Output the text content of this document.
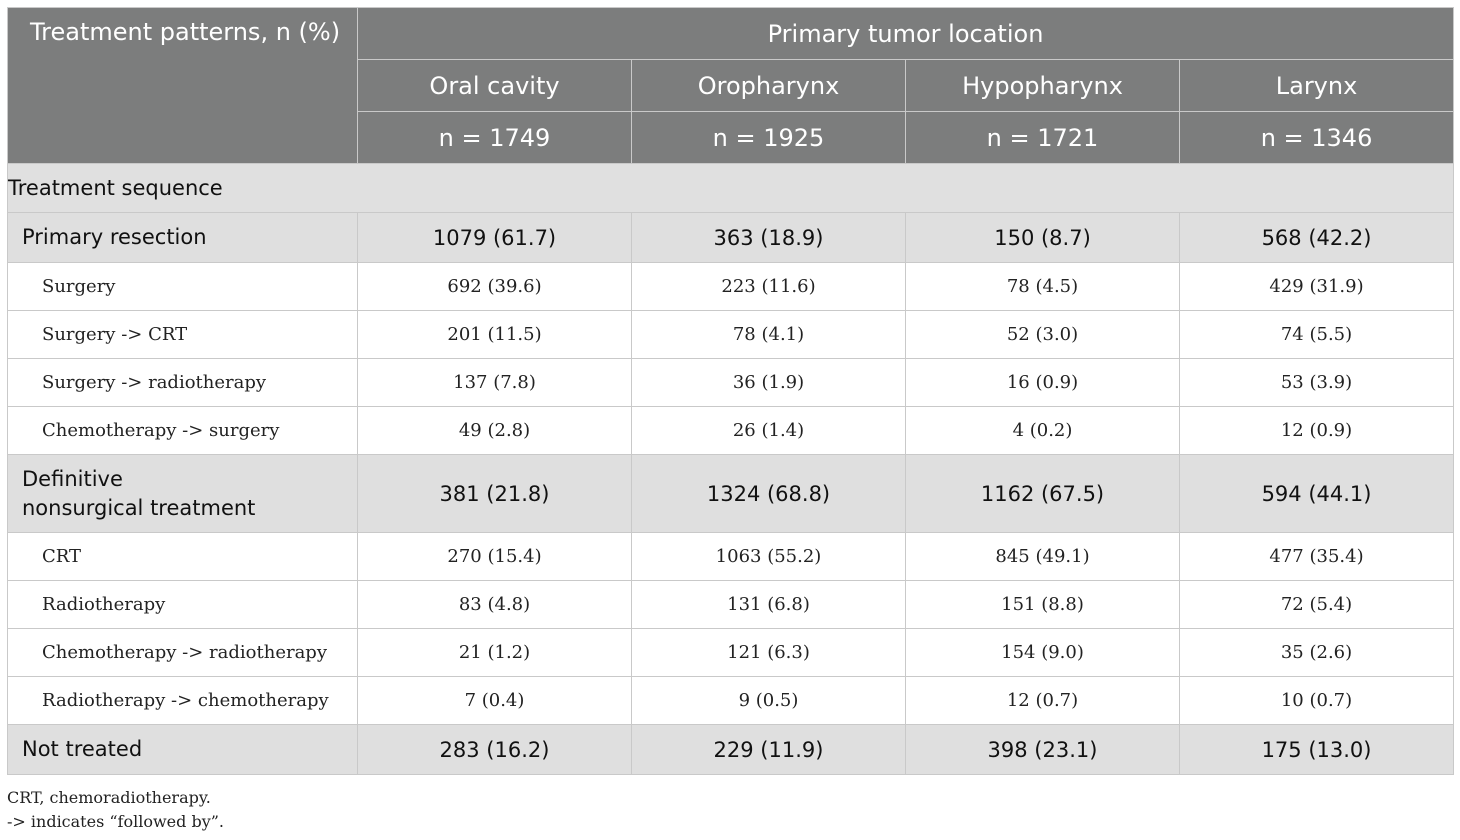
Treatment patterns, n (%)	Primary tumor location			
	Oral cavity	Oropharynx	Hypopharynx	Larynx
	n = 1749	n = 1925	n = 1721	n = 1346
Treatment sequence				
Primary resection	1079 (61.7)	363 (18.9)	150 (8.7)	568 (42.2)
Surgery	692 (39.6)	223 (11.6)	78 (4.5)	429 (31.9)
Surgery -> CRT	201 (11.5)	78 (4.1)	52 (3.0)	74 (5.5)
Surgery -> radiotherapy	137 (7.8)	36 (1.9)	16 (0.9)	53 (3.9)
Chemotherapy -> surgery	49 (2.8)	26 (1.4)	4 (0.2)	12 (0.9)
Definitive
nonsurgical treatment	381 (21.8)	1324 (68.8)	1162 (67.5)	594 (44.1)
CRT	270 (15.4)	1063 (55.2)	845 (49.1)	477 (35.4)
Radiotherapy	83 (4.8)	131 (6.8)	151 (8.8)	72 (5.4)
Chemotherapy -> radiotherapy	21 (1.2)	121 (6.3)	154 (9.0)	35 (2.6)
Radiotherapy -> chemotherapy	7 (0.4)	9 (0.5)	12 (0.7)	10 (0.7)
Not treated	283 (16.2)	229 (11.9)	398 (23.1)	175 (13.0)
CRT, chemoradiotherapy.
-> indicates “followed by”.
